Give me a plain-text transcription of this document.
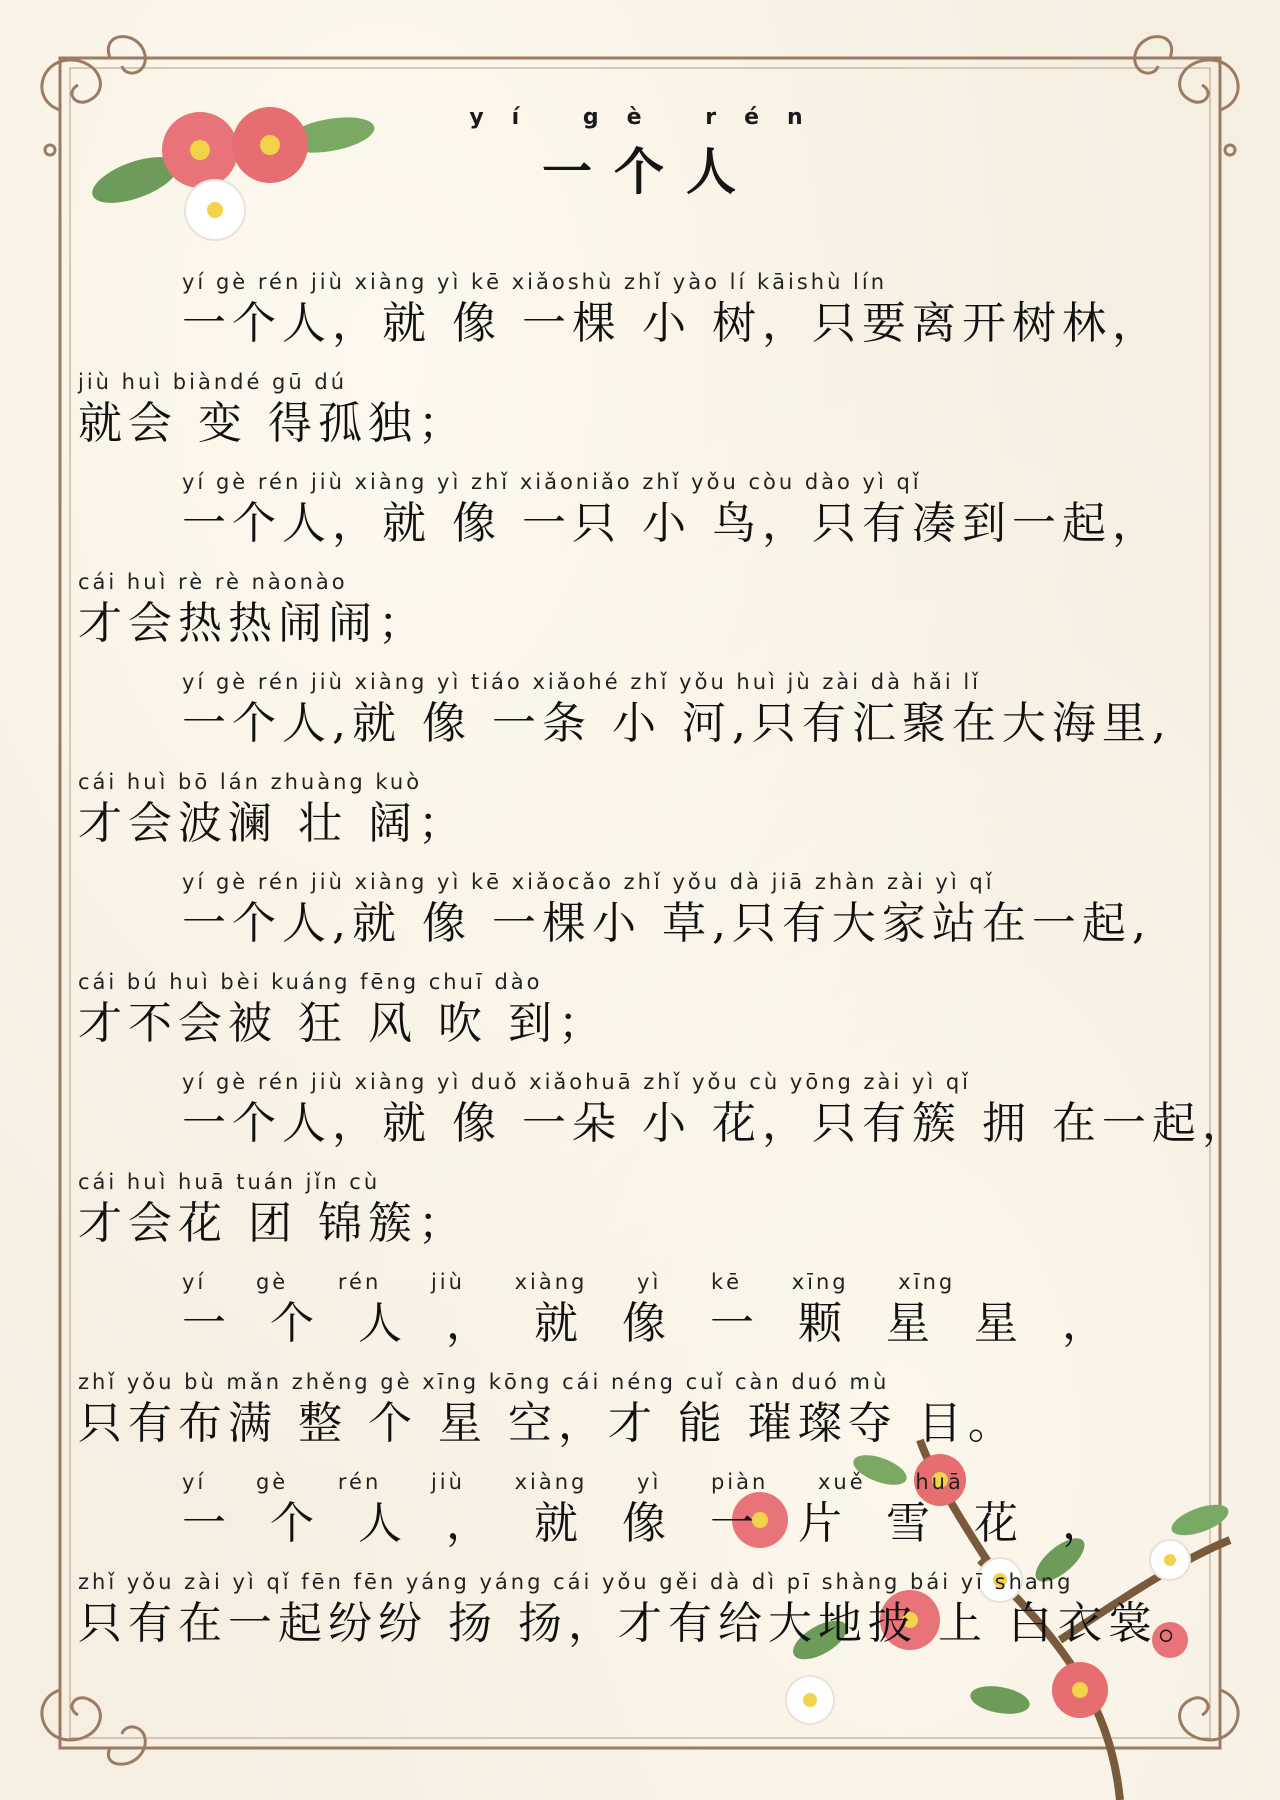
yí gè rén
一个人
yí gè rén jiù xiàng yì kē xiǎoshù zhǐ yào lí kāishù lín
一个人，就 像 一棵 小 树，只要离开树林，
jiù huì biàndé gū dú
就会 变 得孤独；
yí gè rén jiù xiàng yì zhǐ xiǎoniǎo zhǐ yǒu còu dào yì qǐ
一个人，就 像 一只 小 鸟，只有凑到一起，
cái huì rè rè nàonào
才会热热闹闹；
yí gè rén jiù xiàng yì tiáo xiǎohé zhǐ yǒu huì jù zài dà hǎi lǐ
一个人,就 像 一条 小 河,只有汇聚在大海里,
cái huì bō lán zhuàng kuò
才会波澜 壮 阔；
yí gè rén jiù xiàng yì kē xiǎocǎo zhǐ yǒu dà jiā zhàn zài yì qǐ
一个人,就 像 一棵小 草,只有大家站在一起,
cái bú huì bèi kuáng fēng chuī dào
才不会被 狂 风 吹 到；
yí gè rén jiù xiàng yì duǒ xiǎohuā zhǐ yǒu cù yōng zài yì qǐ
一个人，就 像 一朵 小 花，只有簇 拥 在一起，
cái huì huā tuán jǐn cù
才会花 团 锦簇；
yí gè rén jiù xiàng yì kē xīng xīng
一个人，就像一颗星星，
zhǐ yǒu bù mǎn zhěng gè xīng kōng cái néng cuǐ càn duó mù
只有布满 整 个 星 空，才 能 璀璨夺 目。
yí gè rén jiù xiàng yì piàn xuě huā
一个人，就像一片雪花，
zhǐ yǒu zài yì qǐ fēn fēn yáng yáng cái yǒu gěi dà dì pī shàng bái yī shang
只有在一起纷纷 扬 扬，才有给大地披 上 白衣裳。
